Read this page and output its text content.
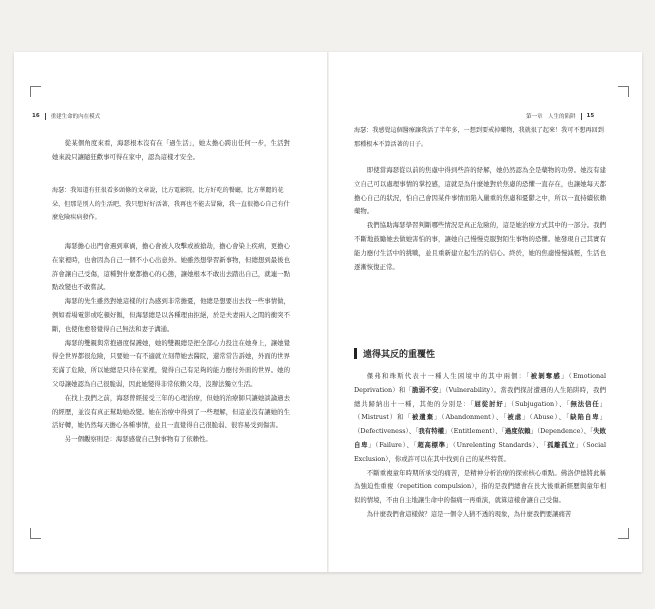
16 重建生命的內在模式

從某個角度來看，海瑟根本沒有在「過生活」，她太擔心跨出任何一步，生活對她來說只讓隨狂歡事可得在家中，認為這樣才安全。

海瑟：我知道有狂很看多頭條的文章說，比方電影院，比方好吃的餐廳，比方華麗的花朵，但那是別人的生活吧，我只想好好活著，我再也不能去冒險，我一直很擔心自己有什麼危險疾病發作。

海瑟擔心出門會遇到車禍，擔心會被人攻擊或被搶劫，擔心會染上疾病，更擔心在家裡時，也會因為自己一個不小心出意外。她雖然想學習新事物，但總想到最後也許會讓自己受傷，這種對什麼都擔心的心態，讓她根本不敢出去踏出自己，就連一點點改變也不敢嘗試。

海瑟的先生雖然對她這樣的行為感到非常擔憂，他總是想要出去找一些事情做，例如看場電影或吃頓好飯，但海瑟總是以各種理由拒絕，於是夫妻兩人之間的衝突不斷，也使他愈發覺得自己無法和妻子溝通。

海瑟的雙親與常抱過度保護她，她的雙親總是把全部心力投注在她身上，讓她覺得全世界都很危險，只要她一有不適就立刻帶她去醫院，還常常告訴她，外面的世界充滿了危險，所以她總是只待在家裡，覺得自己有足夠的能力應付外面的世界。她的父母讓她認為自己很脆弱，因此她變得非常依賴父母，沒辦法獨立生活。

在找上我們之前，海瑟曾經接受三年的心理治療，但她的治療師只讓她談論過去的經歷，並沒有真正幫助她改變。她在治療中得到了一些理解，但這並沒有讓她的生活好轉，她仍然每天擔心各種事情，並且一直覺得自己很脆弱、很容易受到傷害。

另一個觀察則是：海瑟感覺自己對事物有了依賴性。

第一章　人生的陷阱 15

海瑟：我感覺這個醫療讓我活了半年多，一想到要戒掉藥物，我就很了起來！我可不想再回到那種根本不算活著的日子。

即使當海瑟從以前的焦慮中得到些許的紓解，她仍然認為全是藥物的功勞。她沒有建立自己可以處理事情的掌控感，這就是為什麼她對於焦慮的恐懼一直存在，也讓她每天都擔心自己的狀況，怕自己會因某件事情而陷入嚴重的焦慮和憂鬱之中，所以一直持續依賴藥物。

我們協助海瑟學習判斷哪些情況是真正危險的，這是她治療方式其中的一部分。我們不斷地鼓勵她去做她害怕的事，讓她自己慢慢克服對陌生事物的恐懼。她發現自己其實有能力應付生活中的挑戰，並且重新建立起生活的信心。終於，她的焦慮慢慢減輕，生活也逐漸恢復正常。

遠得其反的重覆性

傑弗和珠斯代表十一種人生困境中的其中兩個：「被剝奪感」（Emotional Deprivation）和「脆弱不安」（Vulnerability）。當我們探討遭遇的人生陷阱時，我們總共歸納出十一種，其他的分別是：「屈從討好」（Subjugation）、「無法信任」（Mistrust）和「被遺棄」（Abandonment）、「被虐」（Abuse）、「缺陷自卑」（Defectiveness）、「我有特權」（Entitlement）、「過度依賴」（Dependence）、「失敗自卑」（Failure）、「超高標準」（Unrelenting Standards）、「孤離孤立」（Social Exclusion），你或許可以在其中找到自己的某些特質。

不斷重複童年時期所承受的痛苦，是精神分析治療的探索核心重點。佛洛伊德將此稱為強迫性重複（repetition compulsion），指的是我們總會在長大後重新經歷與童年相似的情境，不由自主地讓生命中的傷痛一再重演，就算這樣會讓自己受傷。

為什麼我們會這樣做？這是一個令人猜不透的現象，為什麼我們要讓痛苦
